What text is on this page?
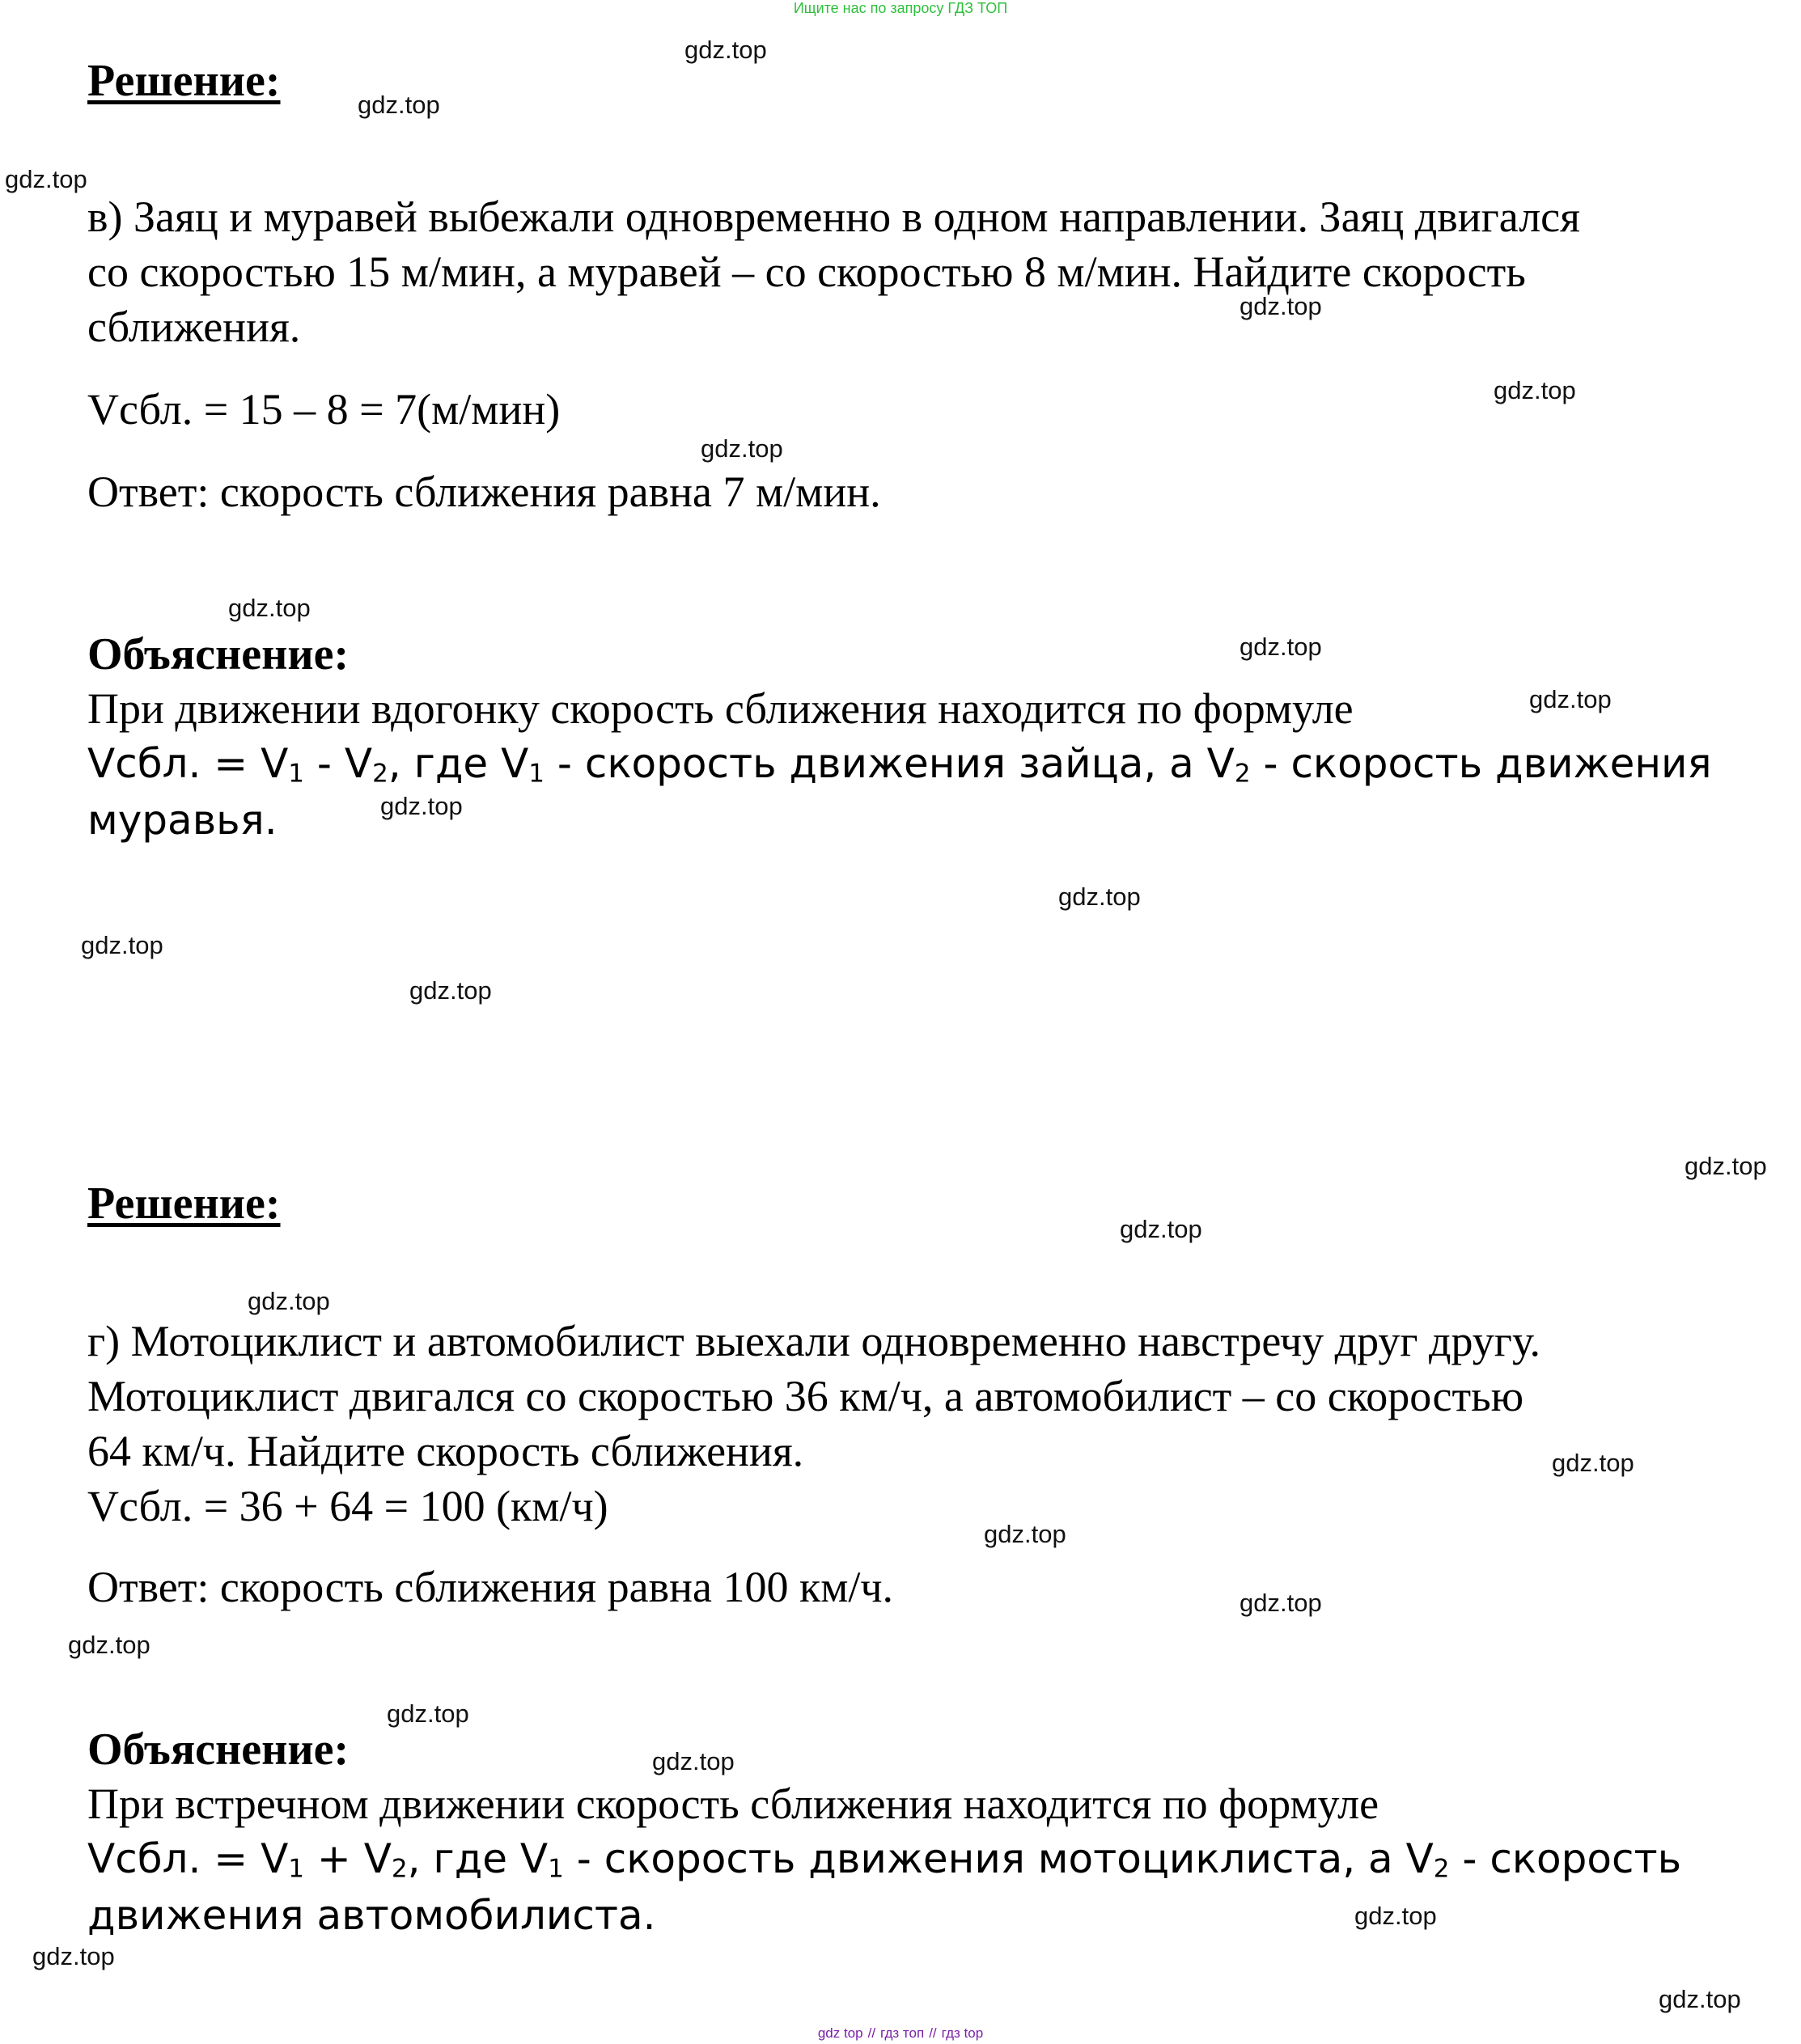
Ищите нас по запросу ГДЗ ТОП
Решение:

в) Заяц и муравей выбежали одновременно в одном направлении. Заяц двигался

со скоростью 15 м/мин, а муравей – со скоростью 8 м/мин. Найдите скорость

сближения.

Vсбл. = 15 – 8 = 7(м/мин)

Ответ: скорость сближения равна 7 м/мин.

Объяснение:

При движении вдогонку скорость сближения находится по формуле

Vсбл. = V1 - V2, где V1 - скорость движения зайца, а V2 - скорость движения

муравья.

Решение:

г) Мотоциклист и автомобилист выехали одновременно навстречу друг другу.

Мотоциклист двигался со скоростью 36 км/ч, а автомобилист – со скоростью

64 км/ч. Найдите скорость сближения.

Vсбл. = 36 + 64 = 100 (км/ч)

Ответ: скорость сближения равна 100 км/ч.

Объяснение:

При встречном движении скорость сближения находится по формуле

Vсбл. = V1 + V2, где V1 - скорость движения мотоциклиста, а V2 - скорость

движения автомобилиста.

gdz.top
gdz.top
gdz.top
gdz.top
gdz.top
gdz.top
gdz.top
gdz.top
gdz.top
gdz.top
gdz.top
gdz.top
gdz.top
gdz.top
gdz.top
gdz.top
gdz.top
gdz.top
gdz.top
gdz.top
gdz.top
gdz.top
gdz.top
gdz.top
gdz.top
gdz top // гдз топ // гдз top
